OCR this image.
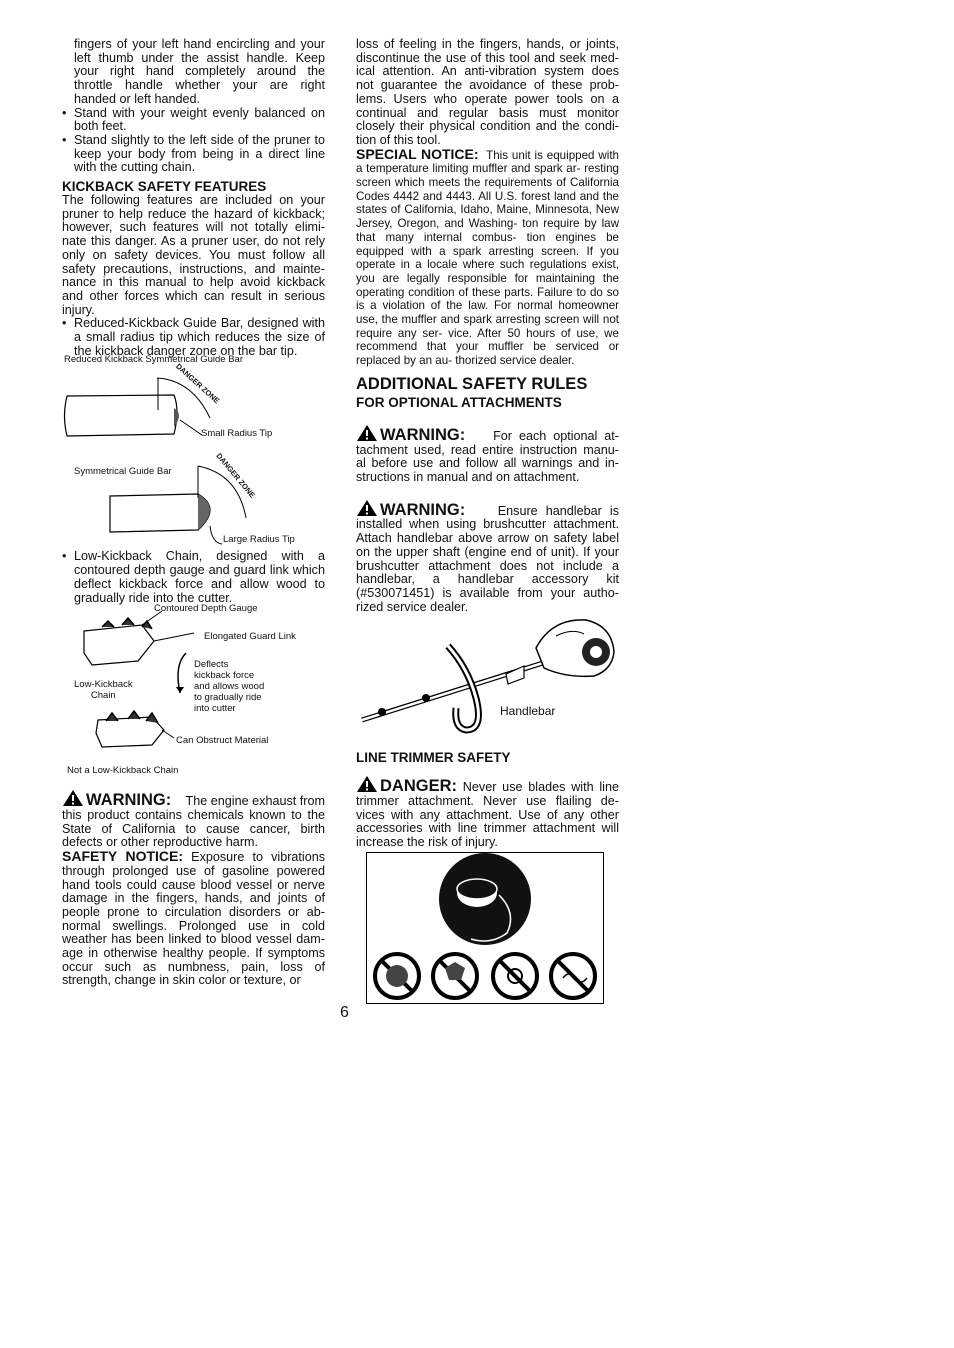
fingers of your left hand encircling and your left thumb under the assist handle. Keep your right hand completely around the throttle handle whether your are right handed or left handed.

• Stand with your weight evenly balanced on both feet.
• Stand slightly to the left side of the pruner to keep your body from being in a direct line with the cutting chain.
KICKBACK SAFETY FEATURES

The following features are included on your pruner to help reduce the hazard of kickback; however, such features will not totally elimi- nate this danger. As a pruner user, do not rely only on safety devices. You must follow all safety precautions, instructions, and mainte- nance in this manual to help avoid kickback and other forces which can result in serious injury.

• Reduced-Kickback Guide Bar, designed with a small radius tip which reduces the size of the kickback danger zone on the bar tip.
Reduced Kickback Symmetrical Guide Bar
DANGER ZONE
Small Radius Tip
Symmetrical Guide Bar	DANGER ZONE
Large Radius Tip
• Low-Kickback Chain, designed with a contoured depth gauge and guard link which deflect kickback force and allow wood to gradually ride into the cutter.
Contoured Depth Gauge
Elongated Guard Link
Deflects
kickback force
and allows wood
to gradually ride
into cutter
Low-Kickback
Chain
Can Obstruct Material
Not a Low-Kickback Chain

WARNING: The engine exhaust from this product contains chemicals known to the State of California to cause cancer, birth defects or other reproductive harm.

SAFETY NOTICE: Exposure to vibrations through prolonged use of gasoline powered hand tools could cause blood vessel or nerve damage in the fingers, hands, and joints of people prone to circulation disorders or ab- normal swellings. Prolonged use in cold weather has been linked to blood vessel dam- age in otherwise healthy people. If symptoms occur such as numbness, pain, loss of strength, change in skin color or texture, or

loss of feeling in the fingers, hands, or joints, discontinue the use of this tool and seek med- ical attention. An anti-vibration system does not guarantee the avoidance of these prob- lems. Users who operate power tools on a continual and regular basis must monitor closely their physical condition and the condi- tion of this tool.

SPECIAL NOTICE: This unit is equipped with a temperature limiting muffler and spark ar- resting screen which meets the requirements of California Codes 4442 and 4443. All U.S. forest land and the states of California, Idaho, Maine, Minnesota, New Jersey, Oregon, and Washing- ton require by law that many internal combus- tion engines be equipped with a spark arresting screen. If you operate in a locale where such regulations exist, you are legally responsible for maintaining the operating condition of these parts. Failure to do so is a violation of the law. For normal homeowner use, the muffler and spark arresting screen will not require any ser- vice. After 50 hours of use, we recommend that your muffler be serviced or replaced by an au- thorized service dealer.

ADDITIONAL SAFETY RULES
FOR OPTIONAL ATTACHMENTS

WARNING: For each optional at- tachment used, read entire instruction manu- al before use and follow all warnings and in- structions in manual and on attachment.

WARNING:	Ensure handlebar is installed when using brushcutter attachment. Attach handlebar above arrow on safety label on the upper shaft (engine end of unit). If your brushcutter attachment does not include a handlebar, a handlebar accessory kit (#530071451) is available from your autho- rized service dealer.

Handlebar
LINE TRIMMER SAFETY

DANGER: Never use blades with line trimmer attachment. Never use flailing de- vices with any attachment. Use of any other accessories with line trimmer attachment will increase the risk of injury.

6
